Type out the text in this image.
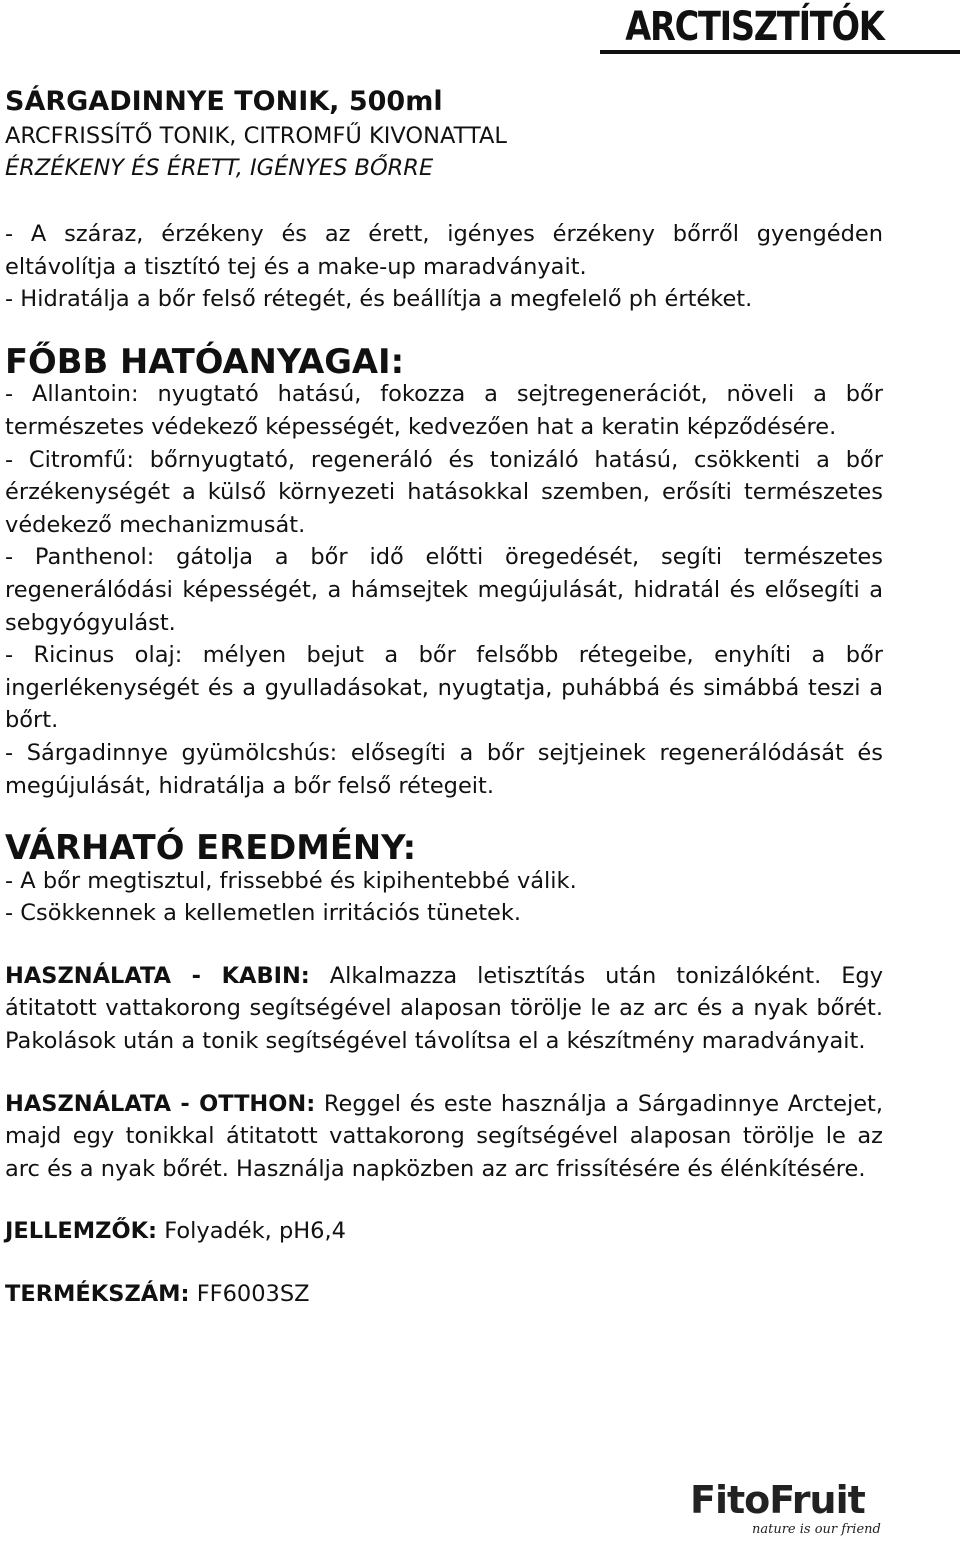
ARCTISZTÍTÓK
SÁRGADINNYE TONIK, 500ml

ARCFRISSÍTŐ TONIK, CITROMFŰ KIVONATTAL

ÉRZÉKENY ÉS ÉRETT, IGÉNYES BŐRRE

- A száraz, érzékeny és az érett, igényes érzékeny bőrről gyengéden eltávolítja a tisztító tej és a make-up maradványait.

- Hidratálja a bőr felső rétegét, és beállítja a megfelelő ph értéket.

FŐBB HATÓANYAGAI:

- Allantoin: nyugtató hatású, fokozza a sejtregenerációt, növeli a bőr természetes védekező képességét, kedvezően hat a keratin képződésére.

- Citromfű: bőrnyugtató, regeneráló és tonizáló hatású, csökkenti a bőr érzékenységét a külső környezeti hatásokkal szemben, erősíti természetes védekező mechanizmusát.

- Panthenol: gátolja a bőr idő előtti öregedését, segíti természetes regenerálódási képességét, a hámsejtek megújulását, hidratál és elősegíti a sebgyógyulást.

- Ricinus olaj: mélyen bejut a bőr felsőbb rétegeibe, enyhíti a bőr ingerlékenységét és a gyulladásokat, nyugtatja, puhábbá és simábbá teszi a bőrt.

- Sárgadinnye gyümölcshús: elősegíti a bőr sejtjeinek regenerálódását és megújulását, hidratálja a bőr felső rétegeit.

VÁRHATÓ EREDMÉNY:

- A bőr megtisztul, frissebbé és kipihentebbé válik.

- Csökkennek a kellemetlen irritációs tünetek.

HASZNÁLATA - KABIN: Alkalmazza letisztítás után tonizálóként. Egy átitatott vattakorong segítségével alaposan törölje le az arc és a nyak bőrét. Pakolások után a tonik segítségével távolítsa el a készítmény maradványait.

HASZNÁLATA - OTTHON: Reggel és este használja a Sárgadinnye Arctejet, majd egy tonikkal átitatott vattakorong segítségével alaposan törölje le az arc és a nyak bőrét. Használja napközben az arc frissítésére és élénkítésére.

JELLEMZŐK: Folyadék, pH6,4

TERMÉKSZÁM: FF6003SZ

FitoFruit
nature is our friend
